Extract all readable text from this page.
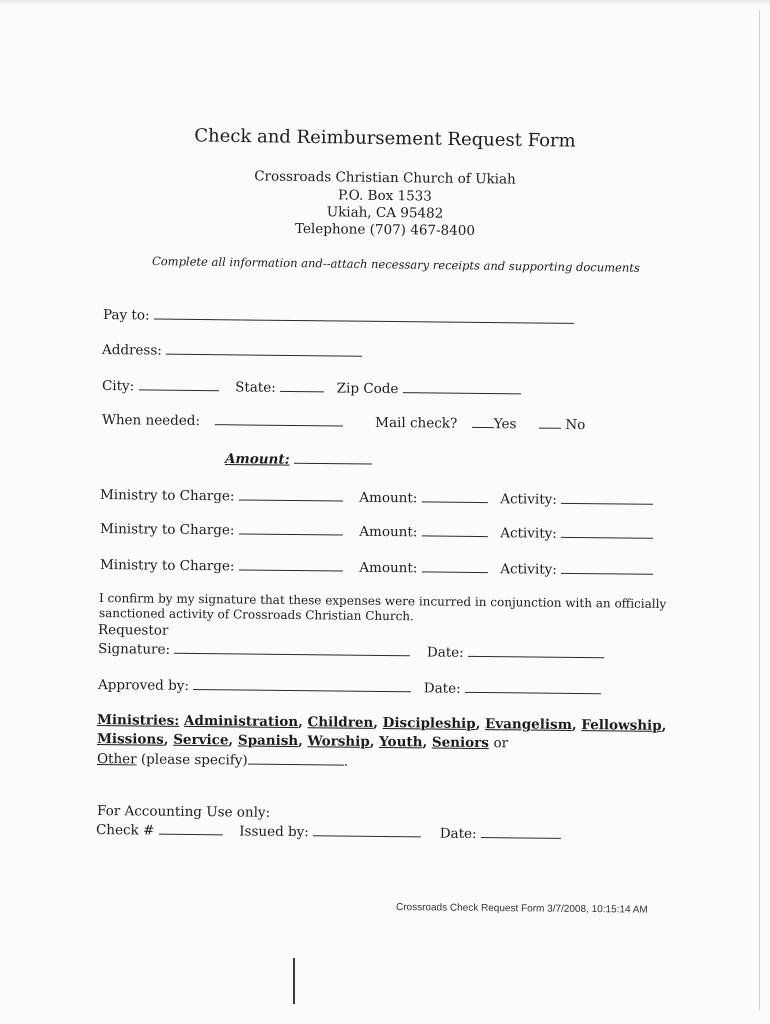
Check and Reimbursement Request Form
Crossroads Christian Church of Ukiah
P.O. Box 1533
Ukiah, CA 95482
Telephone (707) 467-8400
Complete all information and--attach necessary receipts and supporting documents
Pay to:
Address:
City:	State:	Zip Code
When needed:	Mail check?	Yes	No
Amount:
Ministry to Charge:	Amount:	Activity:
Ministry to Charge:	Amount:	Activity:
Ministry to Charge:	Amount:	Activity:
I confirm by my signature that these expenses were incurred in conjunction with an officially
sanctioned activity of Crossroads Christian Church.
Requestor
Signature:	Date:
Approved by:	Date:
Ministries: Administration, Children, Discipleship, Evangelism, Fellowship,
Missions, Service, Spanish, Worship, Youth, Seniors or
Other (please specify)	.
For Accounting Use only:
Check #	Issued by:	Date:
Crossroads Check Request Form 3/7/2008, 10:15:14 AM
